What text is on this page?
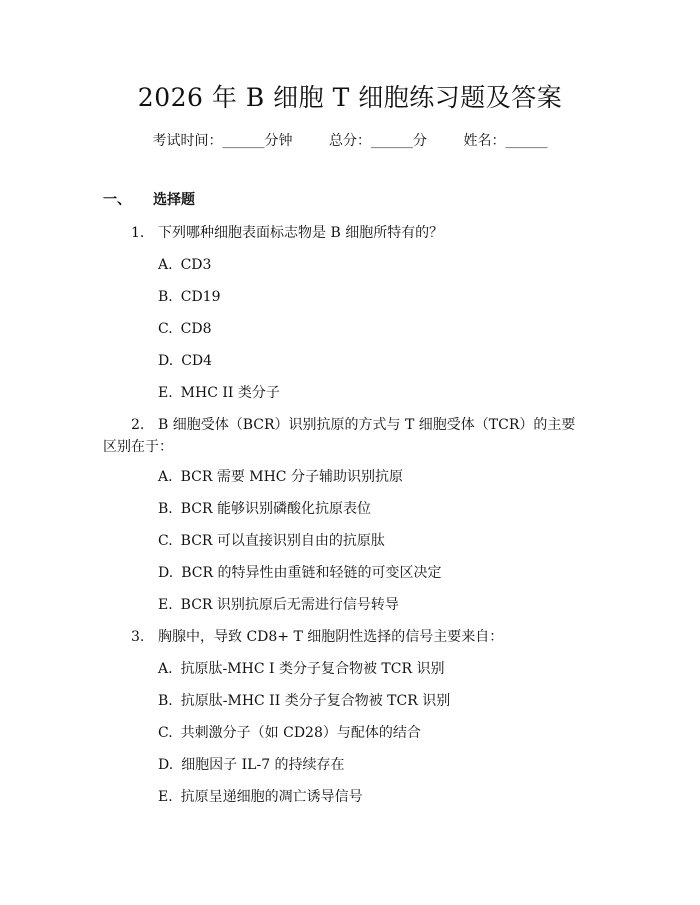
2026 年 B 细胞 T 细胞练习题及答案
考试时间：______分钟	总分：______分	姓名：______
一、 选择题
1. 下列哪种细胞表面标志物是 B 细胞所特有的？
A. CD3
B. CD19
C. CD8
D. CD4
E. MHC II 类分子
2. B 细胞受体（BCR）识别抗原的方式与 T 细胞受体（TCR）的主要区别在于：
A. BCR 需要 MHC 分子辅助识别抗原
B. BCR 能够识别磷酸化抗原表位
C. BCR 可以直接识别自由的抗原肽
D. BCR 的特异性由重链和轻链的可变区决定
E. BCR 识别抗原后无需进行信号转导
3. 胸腺中，导致 CD8+ T 细胞阴性选择的信号主要来自：
A. 抗原肽-MHC I 类分子复合物被 TCR 识别
B. 抗原肽-MHC II 类分子复合物被 TCR 识别
C. 共刺激分子（如 CD28）与配体的结合
D. 细胞因子 IL-7 的持续存在
E. 抗原呈递细胞的凋亡诱导信号
